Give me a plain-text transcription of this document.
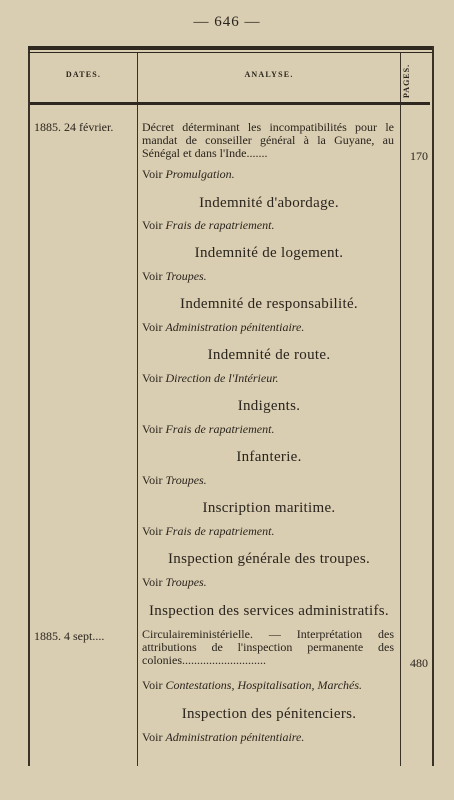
— 646 —
DATES.	ANALYSE.	PAGES.
1885. 24 février.	Décret déterminant les incompatibilités pour le mandat de conseiller général à la Guyane, au Sénégal et dans l'Inde.......	170
Voir Promulgation.
Indemnité d'abordage.
Voir Frais de rapatriement.
Indemnité de logement.
Voir Troupes.
Indemnité de responsabilité.
Voir Administration pénitentiaire.
Indemnité de route.
Voir Direction de l'Intérieur.
Indigents.
Voir Frais de rapatriement.
Infanterie.
Voir Troupes.
Inscription maritime.
Voir Frais de rapatriement.
Inspection générale des troupes.
Voir Troupes.
Inspection des services administratifs.
1885. 4 sept....	Circulaireministérielle. — Interprétation des attributions de l'inspection permanente des colonies............................	480
Voir Contestations, Hospitalisation, Marchés.
Inspection des pénitenciers.
Voir Administration pénitentiaire.
